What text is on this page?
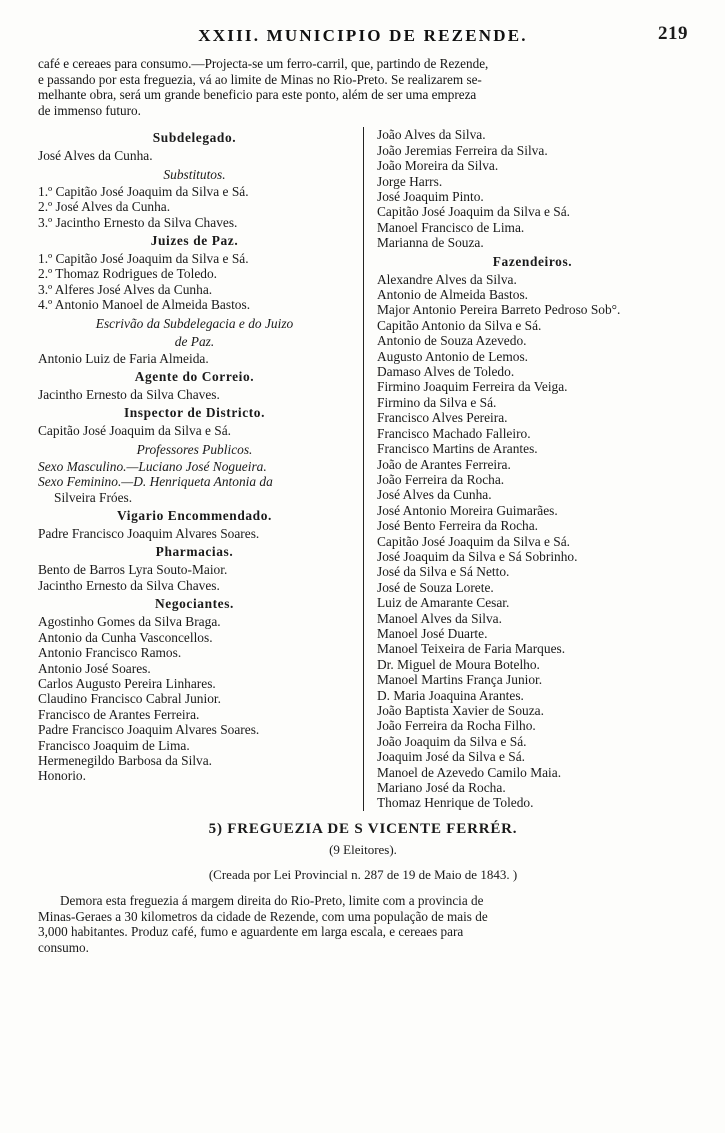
XXIII. MUNICIPIO DE REZENDE.	219
café e cereaes para consumo.—Projecta-se um ferro-carril, que, partindo de Rezende,
e passando por esta freguezia, vá ao limite de Minas no Rio-Preto. Se realizarem se-
melhante obra, será um grande beneficio para este ponto, além de ser uma empreza
de immenso futuro.
Subdelegado.
José Alves da Cunha.
Substitutos.
1.º Capitão José Joaquim da Silva e Sá.
2.º José Alves da Cunha.
3.º Jacintho Ernesto da Silva Chaves.
Juizes de Paz.
1.º Capitão José Joaquim da Silva e Sá.
2.º Thomaz Rodrigues de Toledo.
3.º Alferes José Alves da Cunha.
4.º Antonio Manoel de Almeida Bastos.
Escrivão da Subdelegacia e do Juizo
de Paz.
Antonio Luiz de Faria Almeida.
Agente do Correio.
Jacintho Ernesto da Silva Chaves.
Inspector de Districto.
Capitão José Joaquim da Silva e Sá.
Professores Publicos.
Sexo Masculino.—Luciano José Nogueira.
Sexo Feminino.—D. Henriqueta Antonia da
Silveira Fróes.
Vigario Encommendado.
Padre Francisco Joaquim Alvares Soares.
Pharmacias.
Bento de Barros Lyra Souto-Maior.
Jacintho Ernesto da Silva Chaves.
Negociantes.
Agostinho Gomes da Silva Braga.
Antonio da Cunha Vasconcellos.
Antonio Francisco Ramos.
Antonio José Soares.
Carlos Augusto Pereira Linhares.
Claudino Francisco Cabral Junior.
Francisco de Arantes Ferreira.
Padre Francisco Joaquim Alvares Soares.
Francisco Joaquim de Lima.
Hermenegildo Barbosa da Silva.
Honorio.
João Alves da Silva.
João Jeremias Ferreira da Silva.
João Moreira da Silva.
Jorge Harrs.
José Joaquim Pinto.
Capitão José Joaquim da Silva e Sá.
Manoel Francisco de Lima.
Marianna de Souza.
Fazendeiros.
Alexandre Alves da Silva.
Antonio de Almeida Bastos.
Major Antonio Pereira Barreto Pedroso Sob°.
Capitão Antonio da Silva e Sá.
Antonio de Souza Azevedo.
Augusto Antonio de Lemos.
Damaso Alves de Toledo.
Firmino Joaquim Ferreira da Veiga.
Firmino da Silva e Sá.
Francisco Alves Pereira.
Francisco Machado Falleiro.
Francisco Martins de Arantes.
João de Arantes Ferreira.
João Ferreira da Rocha.
José Alves da Cunha.
José Antonio Moreira Guimarães.
José Bento Ferreira da Rocha.
Capitão José Joaquim da Silva e Sá.
José Joaquim da Silva e Sá Sobrinho.
José da Silva e Sá Netto.
José de Souza Lorete.
Luiz de Amarante Cesar.
Manoel Alves da Silva.
Manoel José Duarte.
Manoel Teixeira de Faria Marques.
Dr. Miguel de Moura Botelho.
Manoel Martins França Junior.
D. Maria Joaquina Arantes.
João Baptista Xavier de Souza.
João Ferreira da Rocha Filho.
João Joaquim da Silva e Sá.
Joaquim José da Silva e Sá.
Manoel de Azevedo Camilo Maia.
Mariano José da Rocha.
Thomaz Henrique de Toledo.
5) FREGUEZIA DE S VICENTE FERRÉR.
(9 Eleitores).
(Creada por Lei Provincial n. 287 de 19 de Maio de 1843. )
Demora esta freguezia á margem direita do Rio-Preto, limite com a provincia de
Minas-Geraes a 30 kilometros da cidade de Rezende, com uma população de mais de
3,000 habitantes. Produz café, fumo e aguardente em larga escala, e cereaes para
consumo.
